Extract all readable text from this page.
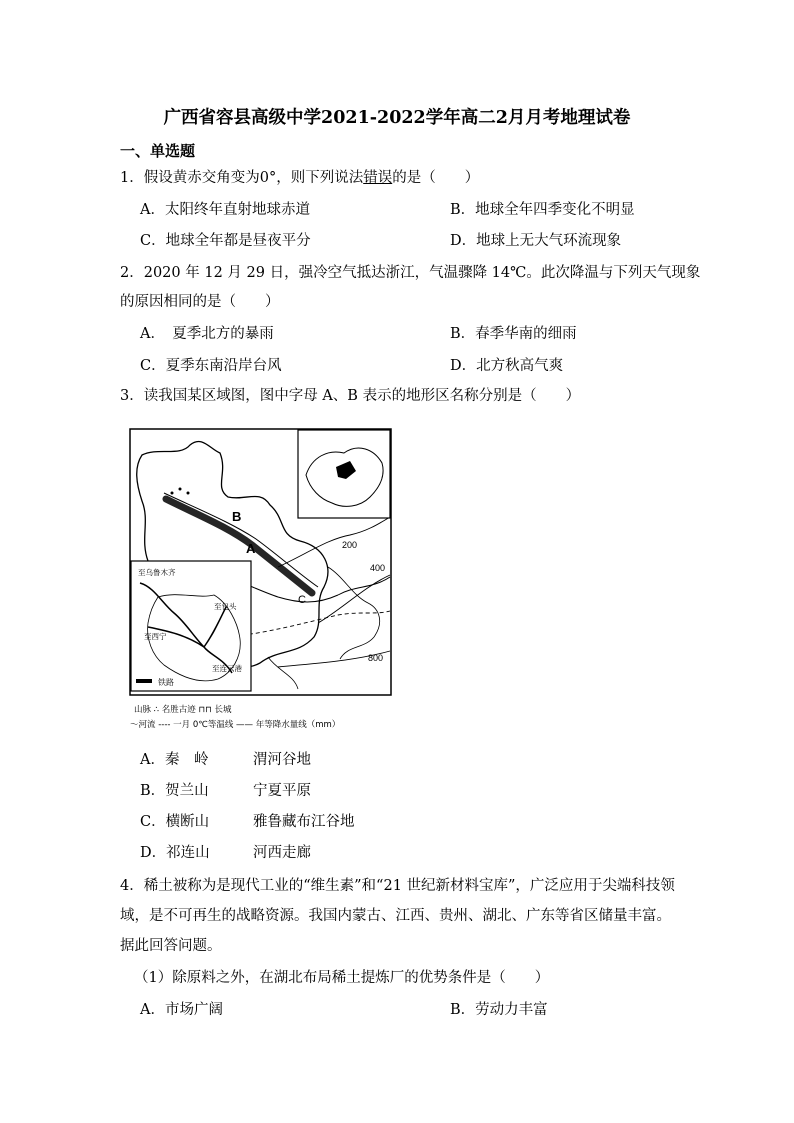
广西省容县高级中学2021-2022学年高二2月月考地理试卷
一、单选题
1．假设黄赤交角变为0°，则下列说法错误的是（　　）
A．太阳终年直射地球赤道	B．地球全年四季变化不明显
C．地球全年都是昼夜平分	D．地球上无大气环流现象
2．2020 年 12 月 29 日，强冷空气抵达浙江，气温骤降 14℃。此次降温与下列天气现象
的原因相同的是（　　）
A．　夏季北方的暴雨	B．春季华南的细雨
C．夏季东南沿岸台风	D．北方秋高气爽
3．读我国某区域图，图中字母 A、B 表示的地形区名称分别是（　　）
B
A
C
200
400
800
至乌鲁木齐
至包头
至西宁
至连云港
铁路
山脉 ∴ 名胜古迹 ⊓⊓ 长城
〜河流 ---- 一月 0℃等温线 —— 年等降水量线（mm）
A．秦　岭	渭河谷地
B．贺兰山	宁夏平原
C．横断山	雅鲁藏布江谷地
D．祁连山	河西走廊
4．稀土被称为是现代工业的“维生素”和“21 世纪新材料宝库”，广泛应用于尖端科技领
域，是不可再生的战略资源。我国内蒙古、江西、贵州、湖北、广东等省区储量丰富。
据此回答问题。
（1）除原料之外，在湖北布局稀土提炼厂的优势条件是（　　）
A．市场广阔	B．劳动力丰富
